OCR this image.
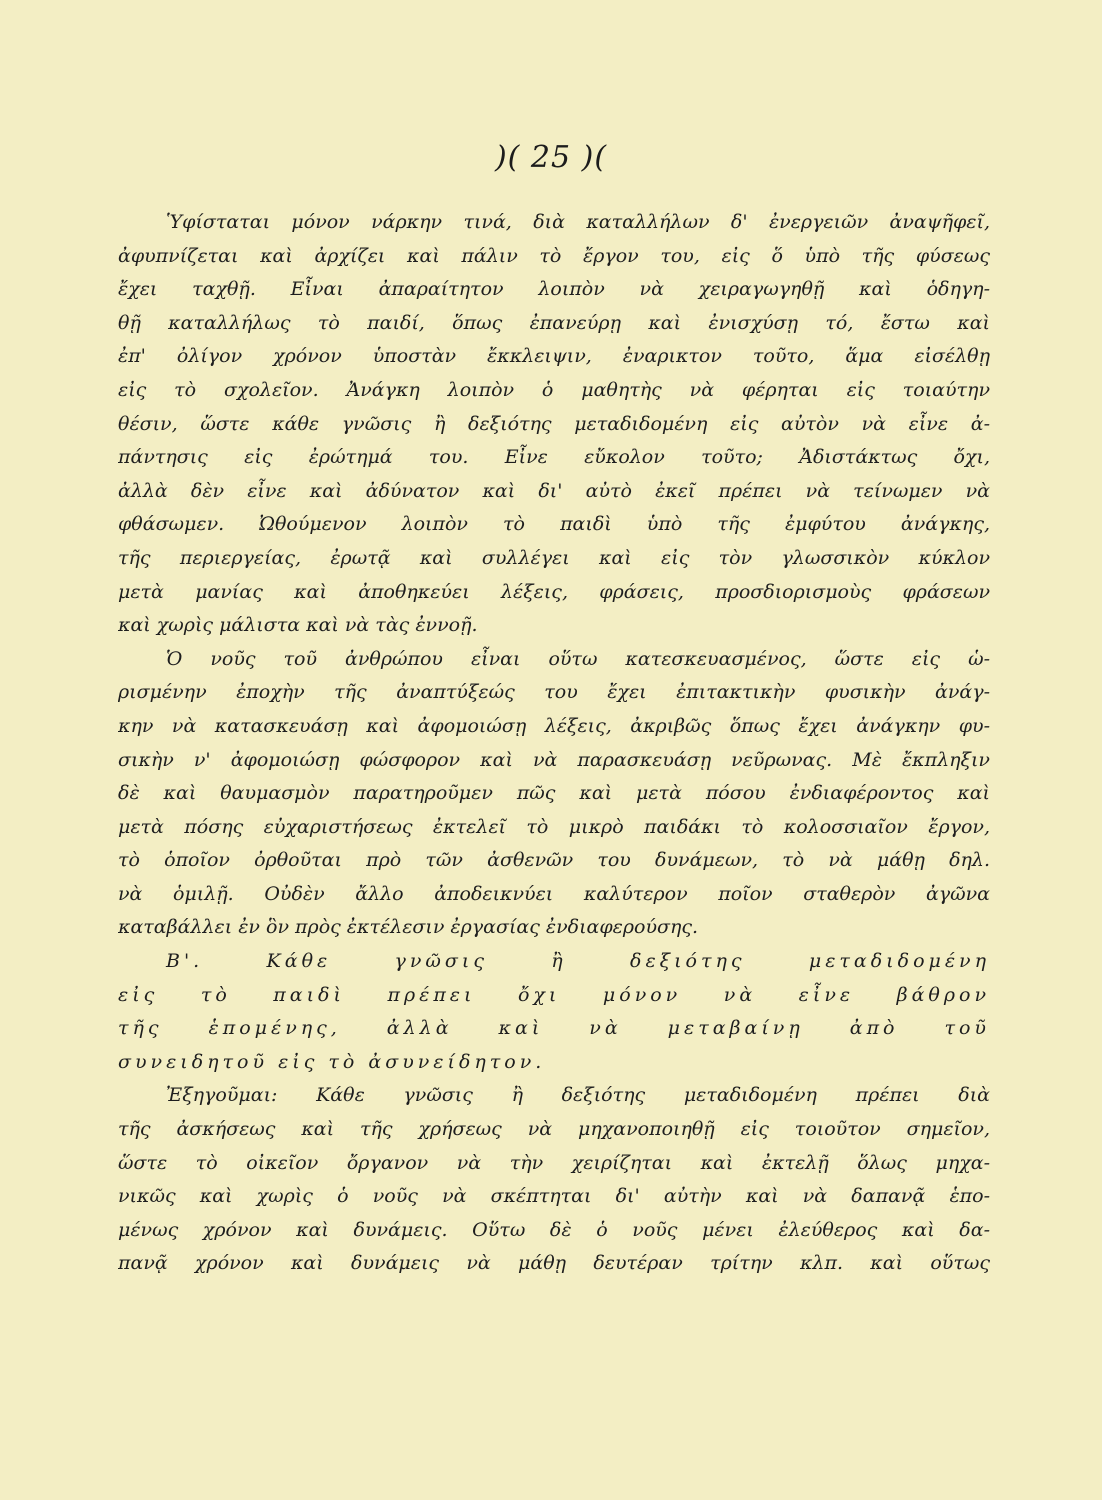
)( 25 )(
Ὑφίσταται μόνον νάρκην τινά, διὰ καταλλήλων δ' ἐνεργειῶν ἀναψῆφεῖ,
ἀφυπνίζεται καὶ ἀρχίζει καὶ πάλιν τὸ ἔργον του, εἰς ὅ ὑπὸ τῆς φύσεως
ἔχει ταχθῇ. Εἶναι ἀπαραίτητον λοιπὸν νὰ χειραγωγηθῇ καὶ ὁδηγη-
θῇ καταλλήλως τὸ παιδί, ὅπως ἐπανεύρῃ καὶ ἐνισχύσῃ τό, ἔστω καὶ
ἐπ' ὀλίγον χρόνον ὑποστὰν ἔκκλειψιν, ἐναρικτον τοῦτο, ἅμα εἰσέλθῃ
εἰς τὸ σχολεῖον. Ἀνάγκη λοιπὸν ὁ μαθητὴς νὰ φέρηται εἰς τοιαύτην
θέσιν, ὥστε κάθε γνῶσις ἢ δεξιότης μεταδιδομένη εἰς αὐτὸν νὰ εἶνε ἀ-
πάντησις εἰς ἐρώτημά του. Εἶνε εὔκολον τοῦτο; Ἀδιστάκτως ὄχι,
ἀλλὰ δὲν εἶνε καὶ ἀδύνατον καὶ δι' αὐτὸ ἐκεῖ πρέπει νὰ τείνωμεν νὰ
φθάσωμεν. Ὠθούμενον λοιπὸν τὸ παιδὶ ὑπὸ τῆς ἐμφύτου ἀνάγκης,
τῆς περιεργείας, ἐρωτᾷ καὶ συλλέγει καὶ εἰς τὸν γλωσσικὸν κύκλον
μετὰ μανίας καὶ ἀποθηκεύει λέξεις, φράσεις, προσδιορισμοὺς φράσεων
καὶ χωρὶς μάλιστα καὶ νὰ τὰς ἐννοῇ.
Ὁ νοῦς τοῦ ἀνθρώπου εἶναι οὕτω κατεσκευασμένος, ὥστε εἰς ὡ-
ρισμένην ἐποχὴν τῆς ἀναπτύξεώς του ἔχει ἐπιτακτικὴν φυσικὴν ἀνάγ-
κην νὰ κατασκευάσῃ καὶ ἀφομοιώσῃ λέξεις, ἀκριβῶς ὅπως ἔχει ἀνάγκην φυ-
σικὴν ν' ἀφομοιώσῃ φώσφορον καὶ νὰ παρασκευάσῃ νεῦρωνας. Μὲ ἔκπληξιν
δὲ καὶ θαυμασμὸν παρατηροῦμεν πῶς καὶ μετὰ πόσου ἐνδιαφέροντος καὶ
μετὰ πόσης εὐχαριστήσεως ἐκτελεῖ τὸ μικρὸ παιδάκι τὸ κολοσσιαῖον ἔργον,
τὸ ὁποῖον ὀρθοῦται πρὸ τῶν ἀσθενῶν του δυνάμεων, τὸ νὰ μάθῃ δηλ.
νὰ ὁμιλῇ. Οὐδὲν ἄλλο ἀποδεικνύει καλύτερον ποῖον σταθερὸν ἀγῶνα
καταβάλλει ἐν ὃν πρὸς ἐκτέλεσιν ἐργασίας ἐνδιαφερούσης.
Β'. Κάθε γνῶσις ἢ δεξιότης μεταδιδομένη
εἰς τὸ παιδὶ πρέπει ὄχι μόνον νὰ εἶνε βάθρον
τῆς ἑπομένης, ἀλλὰ καὶ νὰ μεταβαίνῃ ἀπὸ τοῦ
συνειδητοῦ εἰς τὸ ἀσυνείδητον.
Ἐξηγοῦμαι: Κάθε γνῶσις ἢ δεξιότης μεταδιδομένη πρέπει διὰ
τῆς ἀσκήσεως καὶ τῆς χρήσεως νὰ μηχανοποιηθῇ εἰς τοιοῦτον σημεῖον,
ὥστε τὸ οἰκεῖον ὄργανον νὰ τὴν χειρίζηται καὶ ἐκτελῇ ὅλως μηχα-
νικῶς καὶ χωρὶς ὁ νοῦς νὰ σκέπτηται δι' αὐτὴν καὶ νὰ δαπανᾷ ἑπο-
μένως χρόνον καὶ δυνάμεις. Οὕτω δὲ ὁ νοῦς μένει ἐλεύθερος καὶ δα-
πανᾷ χρόνον καὶ δυνάμεις νὰ μάθῃ δευτέραν τρίτην κλπ. καὶ οὕτως
